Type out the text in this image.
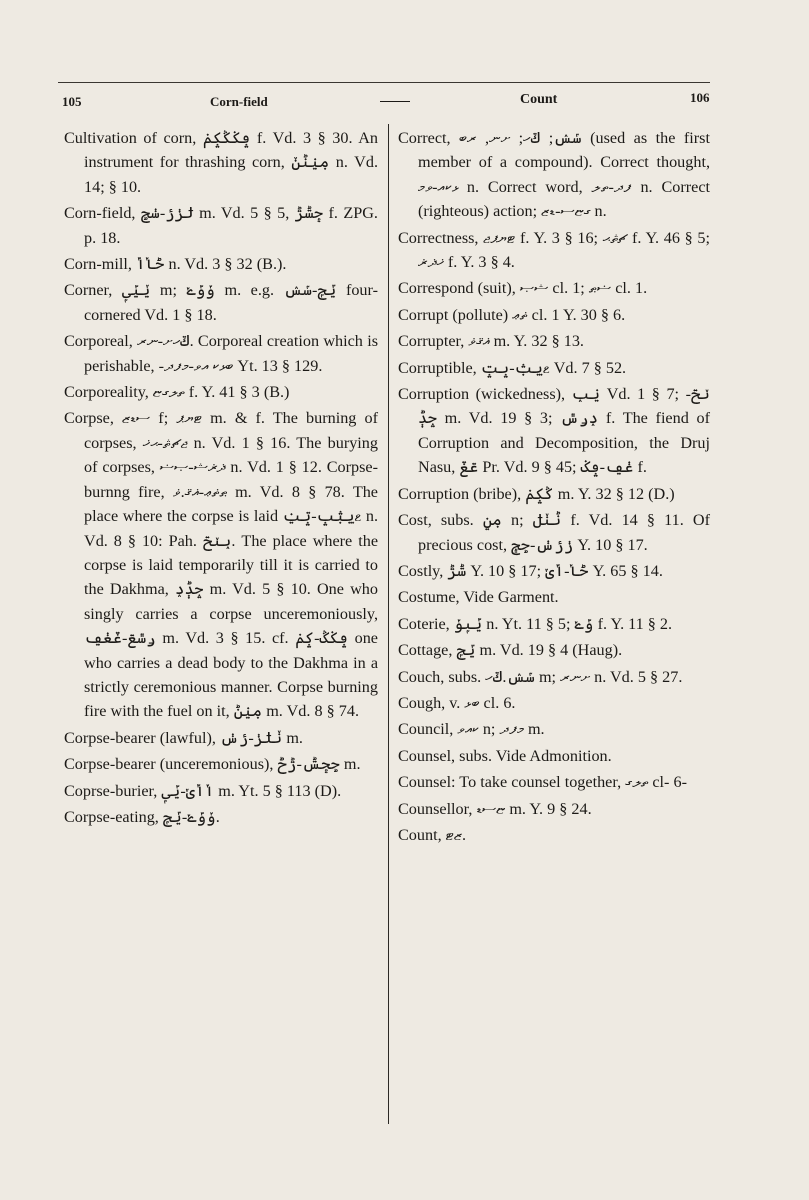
105	Corn-field	Count	106

Cultivation of corn, ݡݢݣݤݥ f. Vd. 3 § 30. An instrument for thrashing corn, ݦݧݨݩ n. Vd. 14; § 10.

Corn-field, ݪݫݬ-ݭݮ m. Vd. 5 § 5, ݯݰݱ f. ZPG. p. 18.

Corn-mill, ݲݳݴ n. Vd. 3 § 32 (B.).

Corner, ݵݶݷ m; ݸݹݺ m. e.g. ݻݼ-ݽݾ four-cornered Vd. 1 § 18.

Corporeal, ݿހށ-ނރ. Corporeal creation which is perishable, -ބޅކ އވ-މފދ Yt. 13 § 129.

Corporeality, ތލގޏ f. Y. 41 § 3 (B.)

Corpse, ސޑޒ f; ޓޔޕ m. & f. The burning of corpses, ޖޗޘ-ޙޚ n. Vd. 1 § 16. The burying of corpses, ޛޜޝ-ޞޟ n. Vd. 1 § 12. Corpse-burnng fire, ޠޡޢ-ޣޤ.ޥ m. Vd. 8 § 78. The place where the corpse is laid ޱݐݑݒ-ݓݔ n. Vd. 8 § 10: Pah. ݕݖݗ. The place where the corpse is laid temporarily till it is carried to the Dakhma, ݘݙݚ m. Vd. 5 § 10. One who singly carries a corpse unceremoniously, ݛݜݝ-ݞݟݠ m. Vd. 3 § 15. cf. ݡݢݣ-ݤݥ one who carries a dead body to the Dakhma in a strictly ceremonious manner. Corpse burning fire with the fuel on it, ݦݧݨ m. Vd. 8 § 74.

Corpse-bearer (lawful), ݩݪݫ-ݬݭ m.

Corpse-bearer (unceremonious), ݮݯݰ-ݱݲ m.

Coprse-burier, ݳݴݵ-ݶݷ m. Yt. 5 § 113 (D).

Corpse-eating, ݸݹݺ-ݻݼ.

Correct, ݽݾ; ݿހ; ށނ, ރބ (used as the first member of a compound). Correct thought, ޅކއ-ވމ n. Correct word, ފދ-ތލ n. Correct (righteous) action; ގޏސ-ޑޒ n.

Correctness, ޓޔޕޖ f. Y. 3 § 16; ޗޘޙ f. Y. 46 § 5; ޚޛޜ f. Y. 3 § 4.

Correspond (suit), ޝޞ cl. 1; ޟޠ cl. 1.

Corrupt (pollute) ޡޢ cl. 1 Y. 30 § 6.

Corrupter, ޣޤޥ m. Y. 32 § 13.

Corruptible, ޱݐݑ-ݒݓ Vd. 7 § 52.

Corruption (wickedness), ݔݕ Vd. 1 § 7; ݖݗ-ݘݙ m. Vd. 19 § 3; ݚݛݜ f. The fiend of Corruption and Decomposition, the Druj Nasu, ݝݞ Pr. Vd. 9 § 45; ݟݠ-ݡݢ f.

Corruption (bribe), ݣݤݥ m. Y. 32 § 12 (D.)

Cost, subs. ݦݧ n; ݨݩݪ f. Vd. 14 § 11. Of precious cost, ݫݬݭ-ݮݯ Y. 10 § 17.

Costly, ݰݱ Y. 10 § 17; ݲݳ-ݴݵ Y. 65 § 14.

Costume, Vide Garment.

Coterie, ݶݷݸ n. Yt. 11 § 5; ݹݺ f. Y. 11 § 2.

Cottage, ݻݼ m. Vd. 19 § 4 (Haug).

Couch, subs. ݽݾ.ݿހ m; ށނރ n. Vd. 5 § 27.

Cough, v. ބޅ cl. 6.

Council, ކއވ n; މފދ m.

Counsel, subs. Vide Admonition.

Counsel: To take counsel together, ތލގ cl- 6-

Counsellor, ޏސޑ m. Y. 9 § 24.

Count, ޒޓ.
